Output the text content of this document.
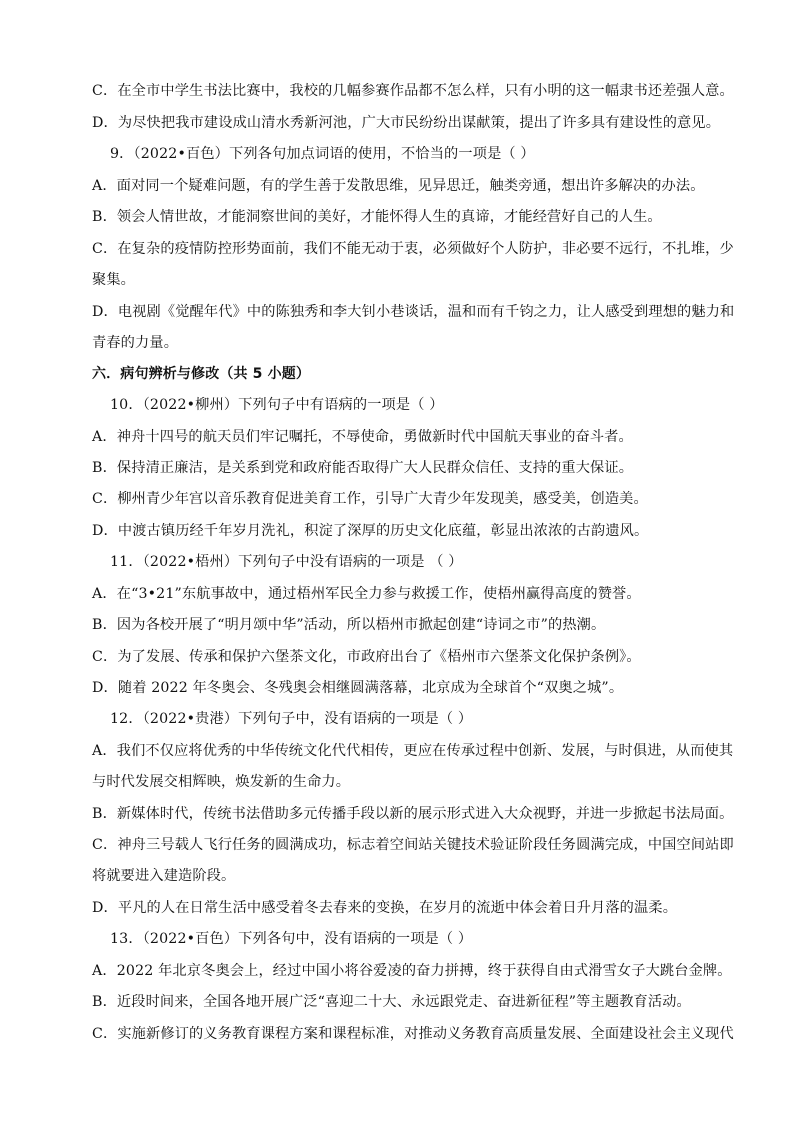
C．在全市中学生书法比赛中，我校的几幅参赛作品都不怎么样，只有小明的这一幅隶书还差强人意。
D．为尽快把我市建设成山清水秀新河池，广大市民纷纷出谋献策，提出了许多具有建设性的意见。
9．（2022•百色）下列各句加点词语的使用，不恰当的一项是（ ）
A．面对同一个疑难问题，有的学生善于发散思维，见异思迁，触类旁通，想出许多解决的办法。
B．领会人情世故，才能洞察世间的美好，才能怀得人生的真谛，才能经营好自己的人生。
C．在复杂的疫情防控形势面前，我们不能无动于衷，必须做好个人防护，非必要不远行，不扎堆，少
聚集。
D．电视剧《觉醒年代》中的陈独秀和李大钊小巷谈话，温和而有千钧之力，让人感受到理想的魅力和
青春的力量。
六．病句辨析与修改（共 5 小题）
10．（2022•柳州）下列句子中有语病的一项是（ ）
A．神舟十四号的航天员们牢记嘱托，不辱使命，勇做新时代中国航天事业的奋斗者。
B．保持清正廉洁，是关系到党和政府能否取得广大人民群众信任、支持的重大保证。
C．柳州青少年宫以音乐教育促进美育工作，引导广大青少年发现美，感受美，创造美。
D．中渡古镇历经千年岁月洗礼，积淀了深厚的历史文化底蕴，彰显出浓浓的古韵遗风。
11．（2022•梧州）下列句子中没有语病的一项是 （ ）
A．在“3•21”东航事故中，通过梧州军民全力参与救援工作，使梧州赢得高度的赞誉。
B．因为各校开展了“明月颂中华”活动，所以梧州市掀起创建“诗词之市”的热潮。
C．为了发展、传承和保护六堡茶文化，市政府出台了《梧州市六堡茶文化保护条例》。
D．随着 2022 年冬奥会、冬残奥会相继圆满落幕，北京成为全球首个“双奥之城”。
12．（2022•贵港）下列句子中，没有语病的一项是（ ）
A．我们不仅应将优秀的中华传统文化代代相传，更应在传承过程中创新、发展，与时俱进，从而使其
与时代发展交相辉映，焕发新的生命力。
B．新媒体时代，传统书法借助多元传播手段以新的展示形式进入大众视野，并进一步掀起书法局面。
C．神舟三号载人飞行任务的圆满成功，标志着空间站关键技术验证阶段任务圆满完成，中国空间站即
将就要进入建造阶段。
D．平凡的人在日常生活中感受着冬去春来的变换，在岁月的流逝中体会着日升月落的温柔。
13．（2022•百色）下列各句中，没有语病的一项是（ ）
A．2022 年北京冬奥会上，经过中国小将谷爱凌的奋力拼搏，终于获得自由式滑雪女子大跳台金牌。
B．近段时间来，全国各地开展广泛“喜迎二十大、永远跟党走、奋进新征程”等主题教育活动。
C．实施新修订的义务教育课程方案和课程标准，对推动义务教育高质量发展、全面建设社会主义现代
